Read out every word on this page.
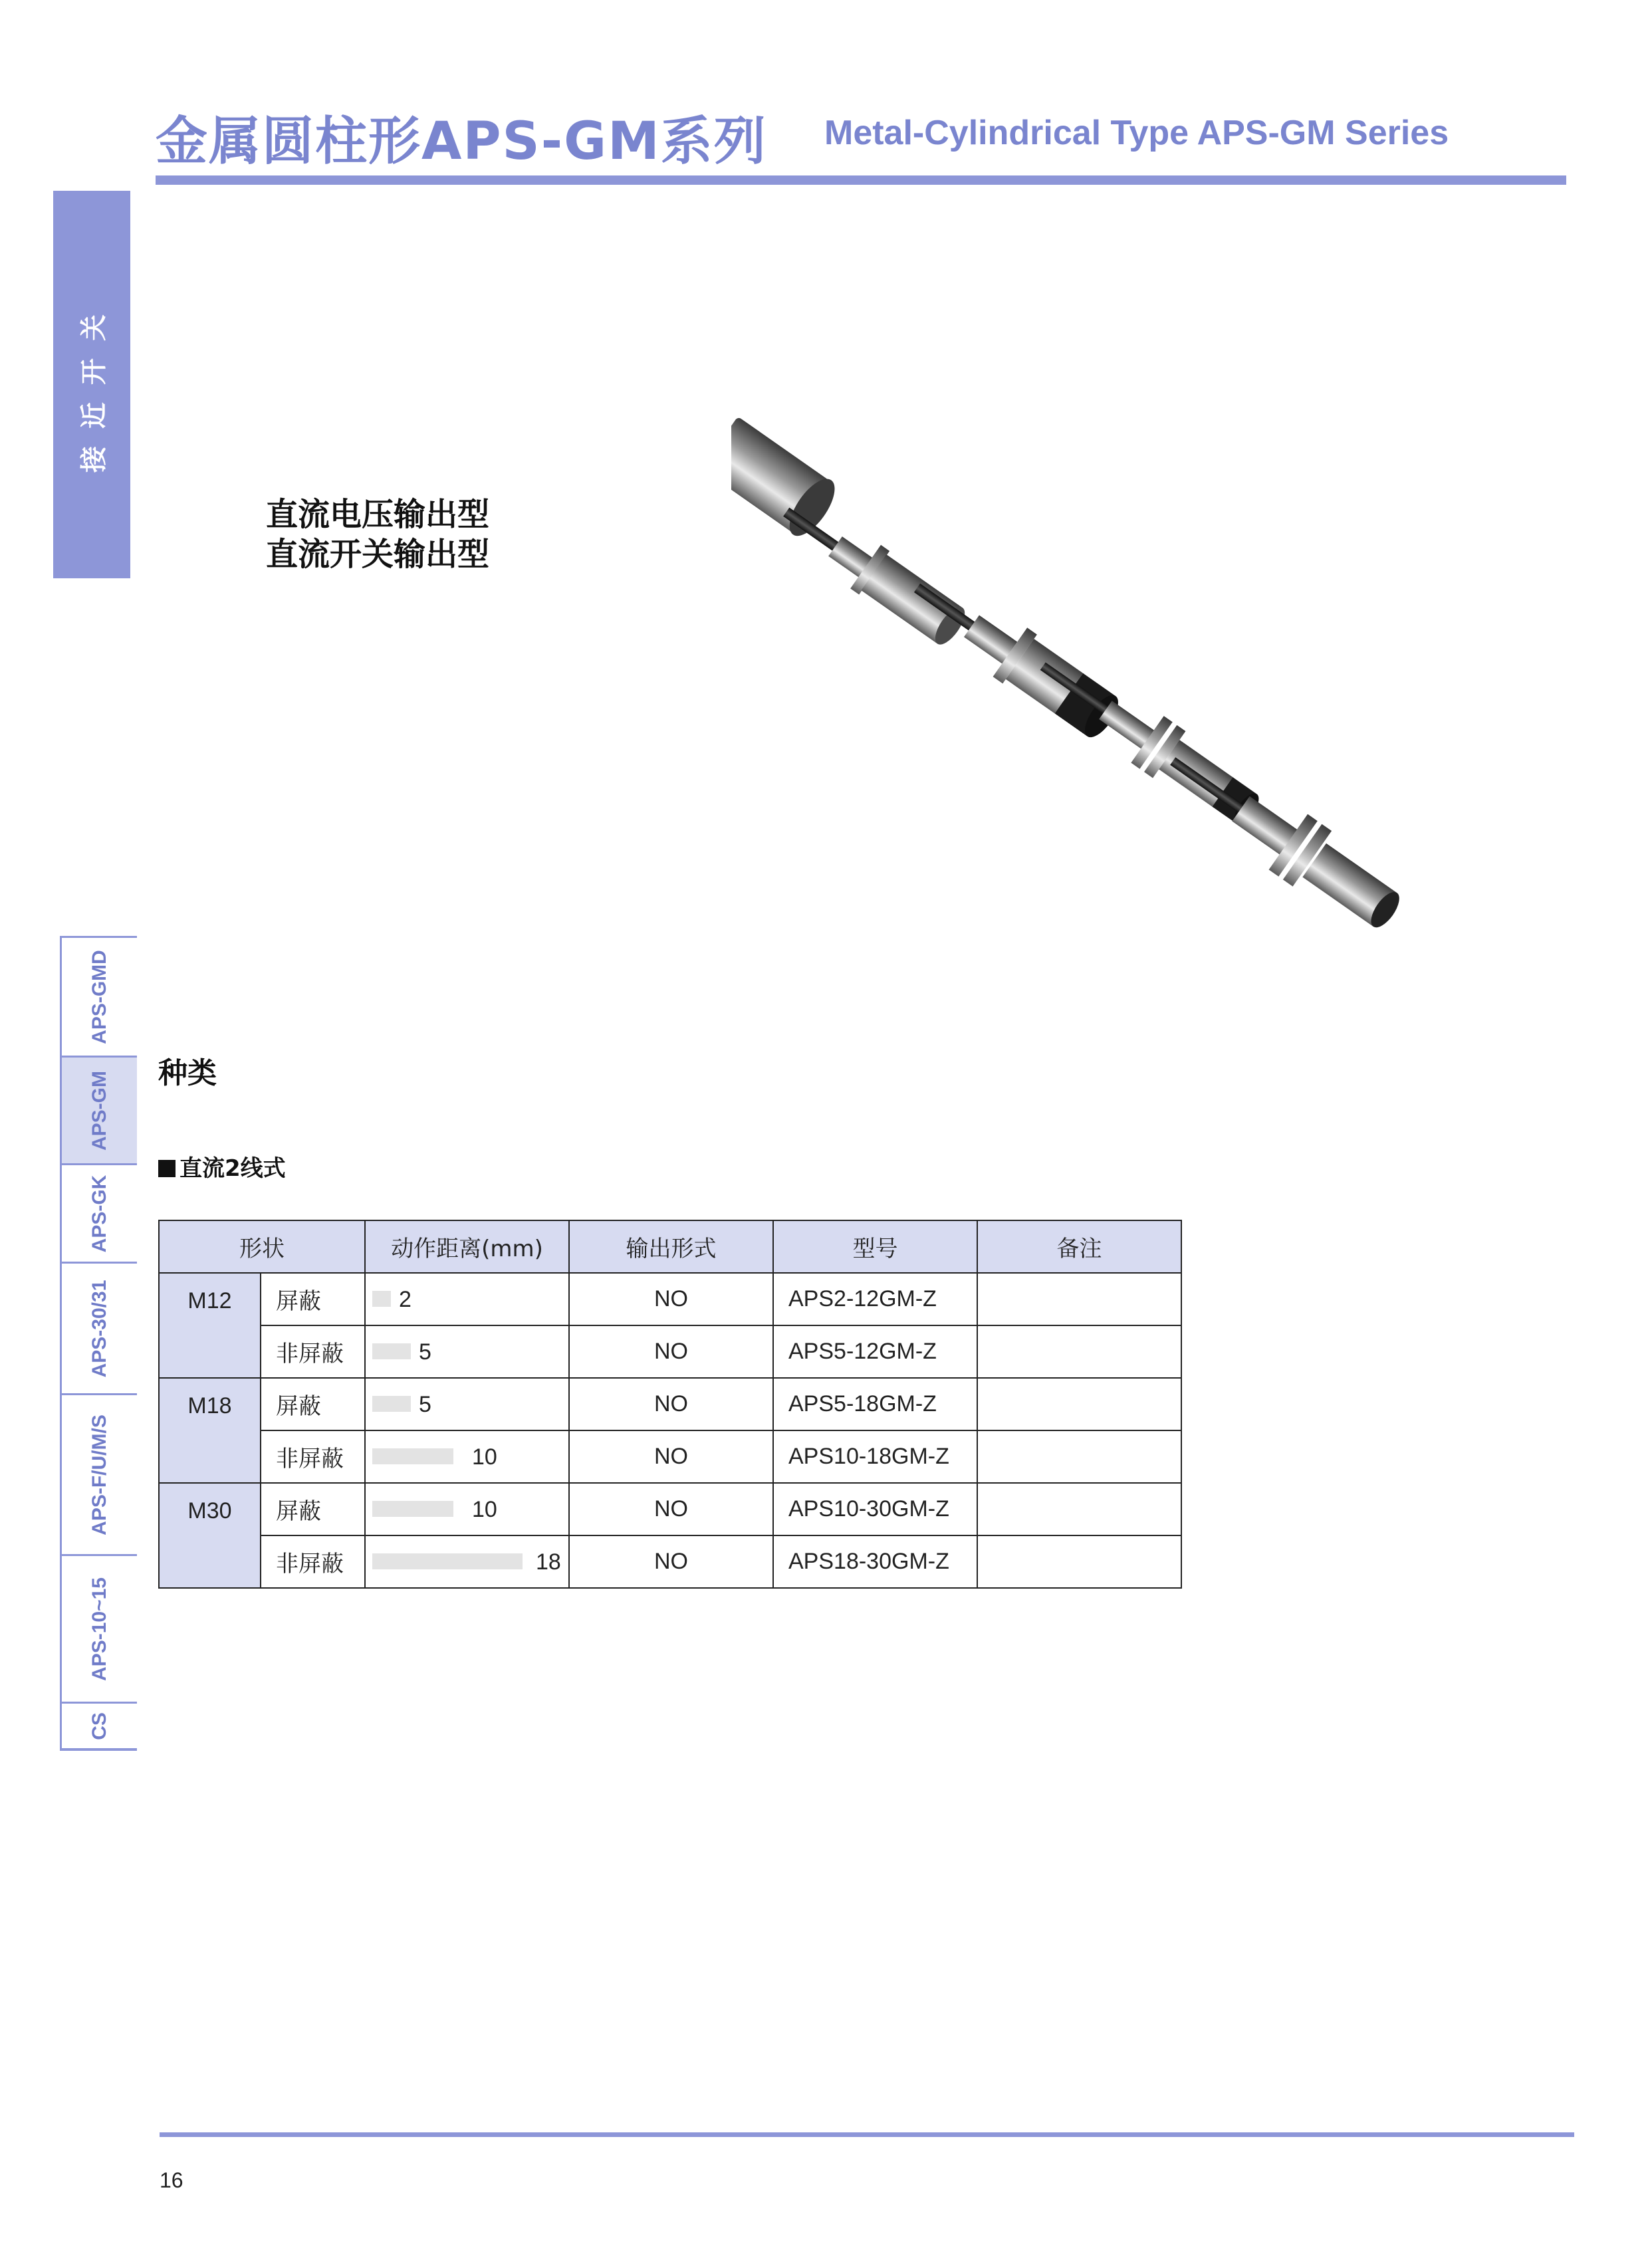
金属圆柱形APS-GM系列 Metal-Cylindrical Type APS-GM Series
接近开关
APS-GMD
APS-GM
APS-GK
APS-30/31
APS-F/U/M/S
APS-10~15
CS
直流电压输出型
直流开关输出型
种类
直流2线式
形状		动作距离(mm)	输出形式	型号	备注
M12	屏蔽	2	NO	APS2-12GM-Z	
	非屏蔽	5	NO	APS5-12GM-Z	
M18	屏蔽	5	NO	APS5-18GM-Z	
	非屏蔽	10	NO	APS10-18GM-Z	
M30	屏蔽	10	NO	APS10-30GM-Z	
	非屏蔽	18	NO	APS18-30GM-Z	
16
